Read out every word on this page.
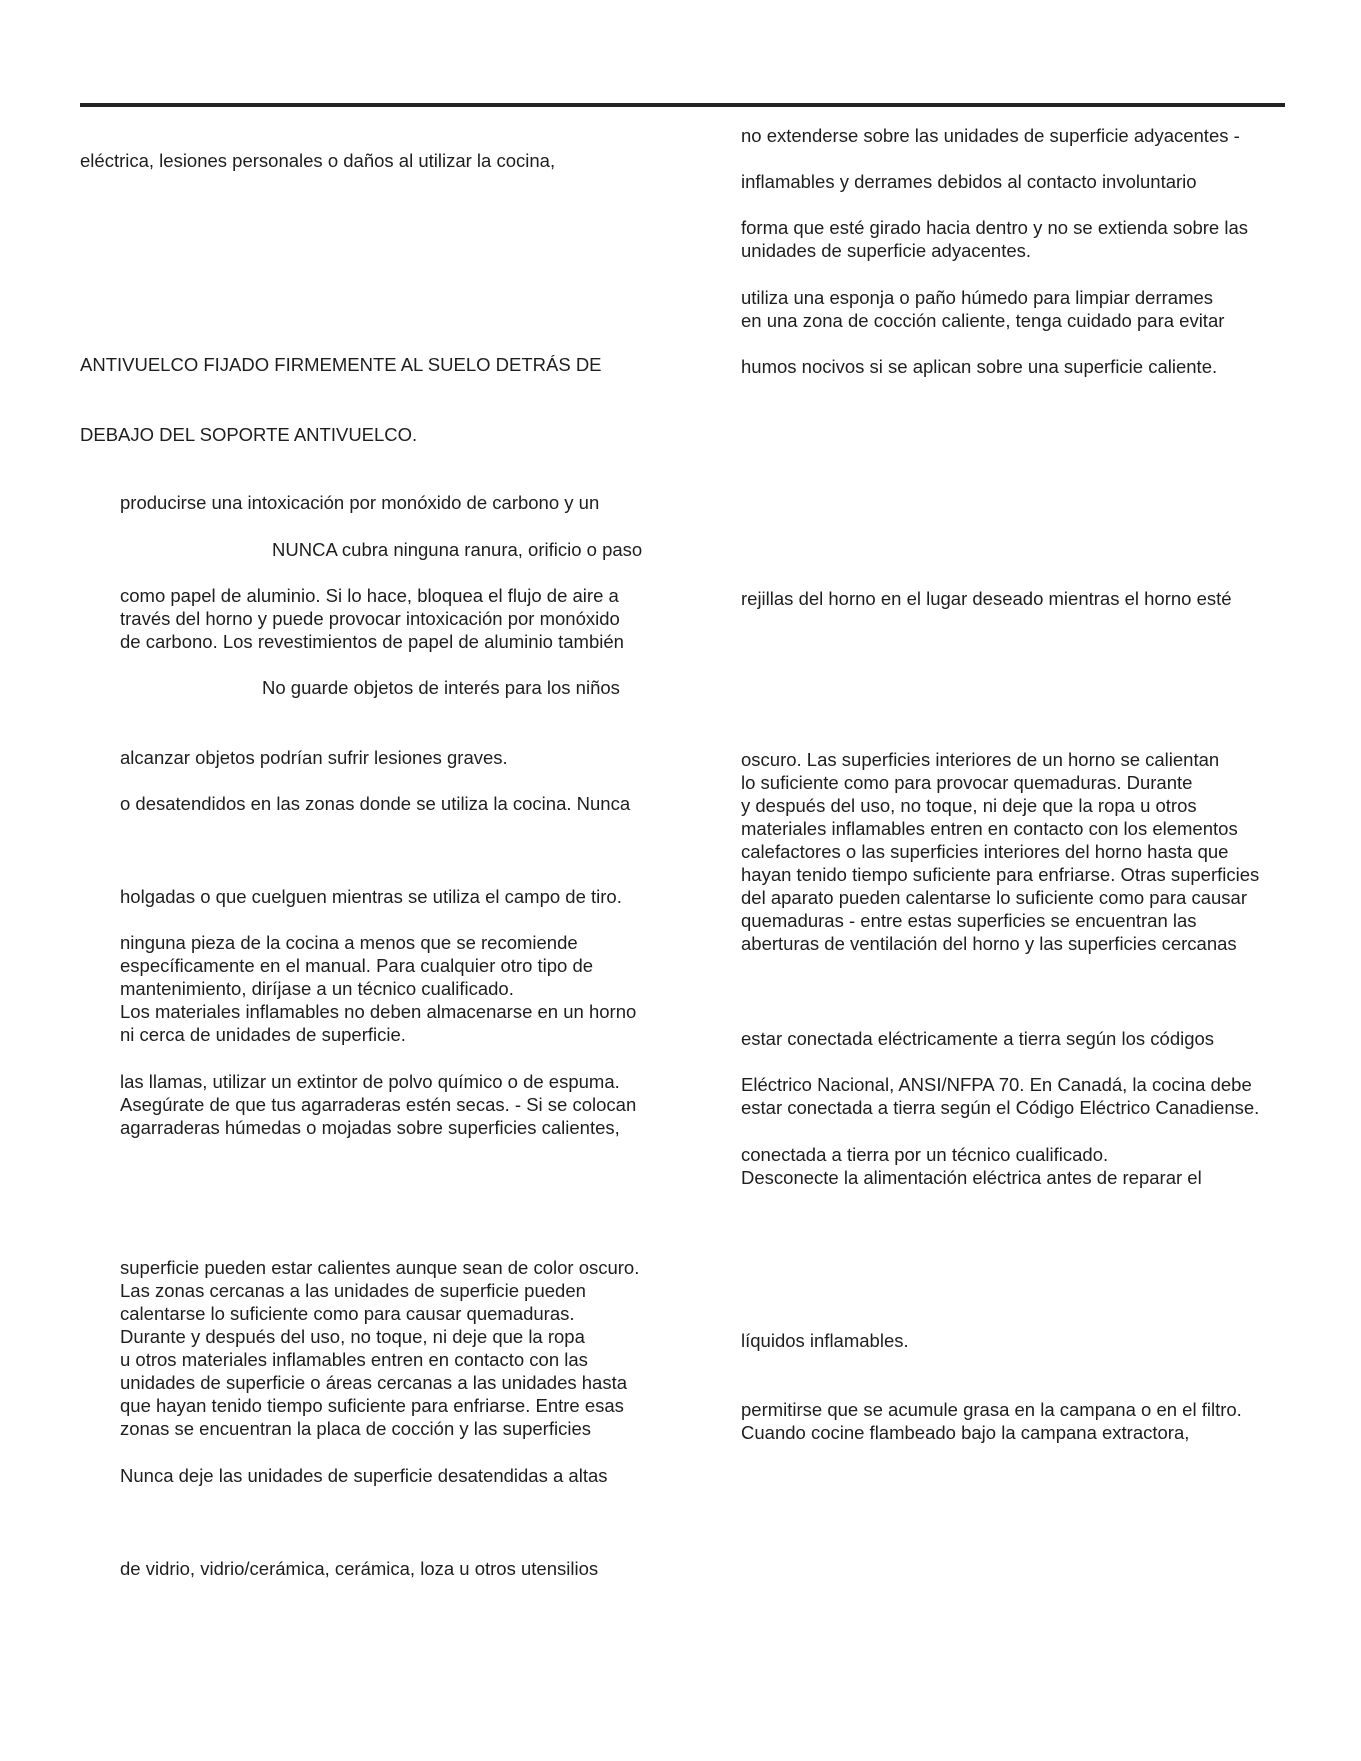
eléctrica, lesiones personales o daños al utilizar la cocina,

ANTIVUELCO FIJADO FIRMEMENTE AL SUELO DETRÁS DE

DEBAJO DEL SOPORTE ANTIVUELCO.

producirse una intoxicación por monóxido de carbono y un

NUNCA cubra ninguna ranura, orificio o paso

como papel de aluminio. Si lo hace, bloquea el flujo de aire a

través del horno y puede provocar intoxicación por monóxido

de carbono. Los revestimientos de papel de aluminio también

No guarde objetos de interés para los niños

alcanzar objetos podrían sufrir lesiones graves.

o desatendidos en las zonas donde se utiliza la cocina. Nunca

holgadas o que cuelguen mientras se utiliza el campo de tiro.

ninguna pieza de la cocina a menos que se recomiende

específicamente en el manual. Para cualquier otro tipo de

mantenimiento, diríjase a un técnico cualificado.

Los materiales inflamables no deben almacenarse en un horno

ni cerca de unidades de superficie.

las llamas, utilizar un extintor de polvo químico o de espuma.

Asegúrate de que tus agarraderas estén secas. - Si se colocan

agarraderas húmedas o mojadas sobre superficies calientes,

superficie pueden estar calientes aunque sean de color oscuro.

Las zonas cercanas a las unidades de superficie pueden

calentarse lo suficiente como para causar quemaduras.

Durante y después del uso, no toque, ni deje que la ropa

u otros materiales inflamables entren en contacto con las

unidades de superficie o áreas cercanas a las unidades hasta

que hayan tenido tiempo suficiente para enfriarse. Entre esas

zonas se encuentran la placa de cocción y las superficies

Nunca deje las unidades de superficie desatendidas a altas

de vidrio, vidrio/cerámica, cerámica, loza u otros utensilios

no extenderse sobre las unidades de superficie adyacentes -

inflamables y derrames debidos al contacto involuntario

forma que esté girado hacia dentro y no se extienda sobre las

unidades de superficie adyacentes.

utiliza una esponja o paño húmedo para limpiar derrames

en una zona de cocción caliente, tenga cuidado para evitar

humos nocivos si se aplican sobre una superficie caliente.

rejillas del horno en el lugar deseado mientras el horno esté

oscuro. Las superficies interiores de un horno se calientan

lo suficiente como para provocar quemaduras. Durante

y después del uso, no toque, ni deje que la ropa u otros

materiales inflamables entren en contacto con los elementos

calefactores o las superficies interiores del horno hasta que

hayan tenido tiempo suficiente para enfriarse. Otras superficies

del aparato pueden calentarse lo suficiente como para causar

quemaduras - entre estas superficies se encuentran las

aberturas de ventilación del horno y las superficies cercanas

estar conectada eléctricamente a tierra según los códigos

Eléctrico Nacional, ANSI/NFPA 70. En Canadá, la cocina debe

estar conectada a tierra según el Código Eléctrico Canadiense.

conectada a tierra por un técnico cualificado.

Desconecte la alimentación eléctrica antes de reparar el

líquidos inflamables.

permitirse que se acumule grasa en la campana o en el filtro.

Cuando cocine flambeado bajo la campana extractora,
